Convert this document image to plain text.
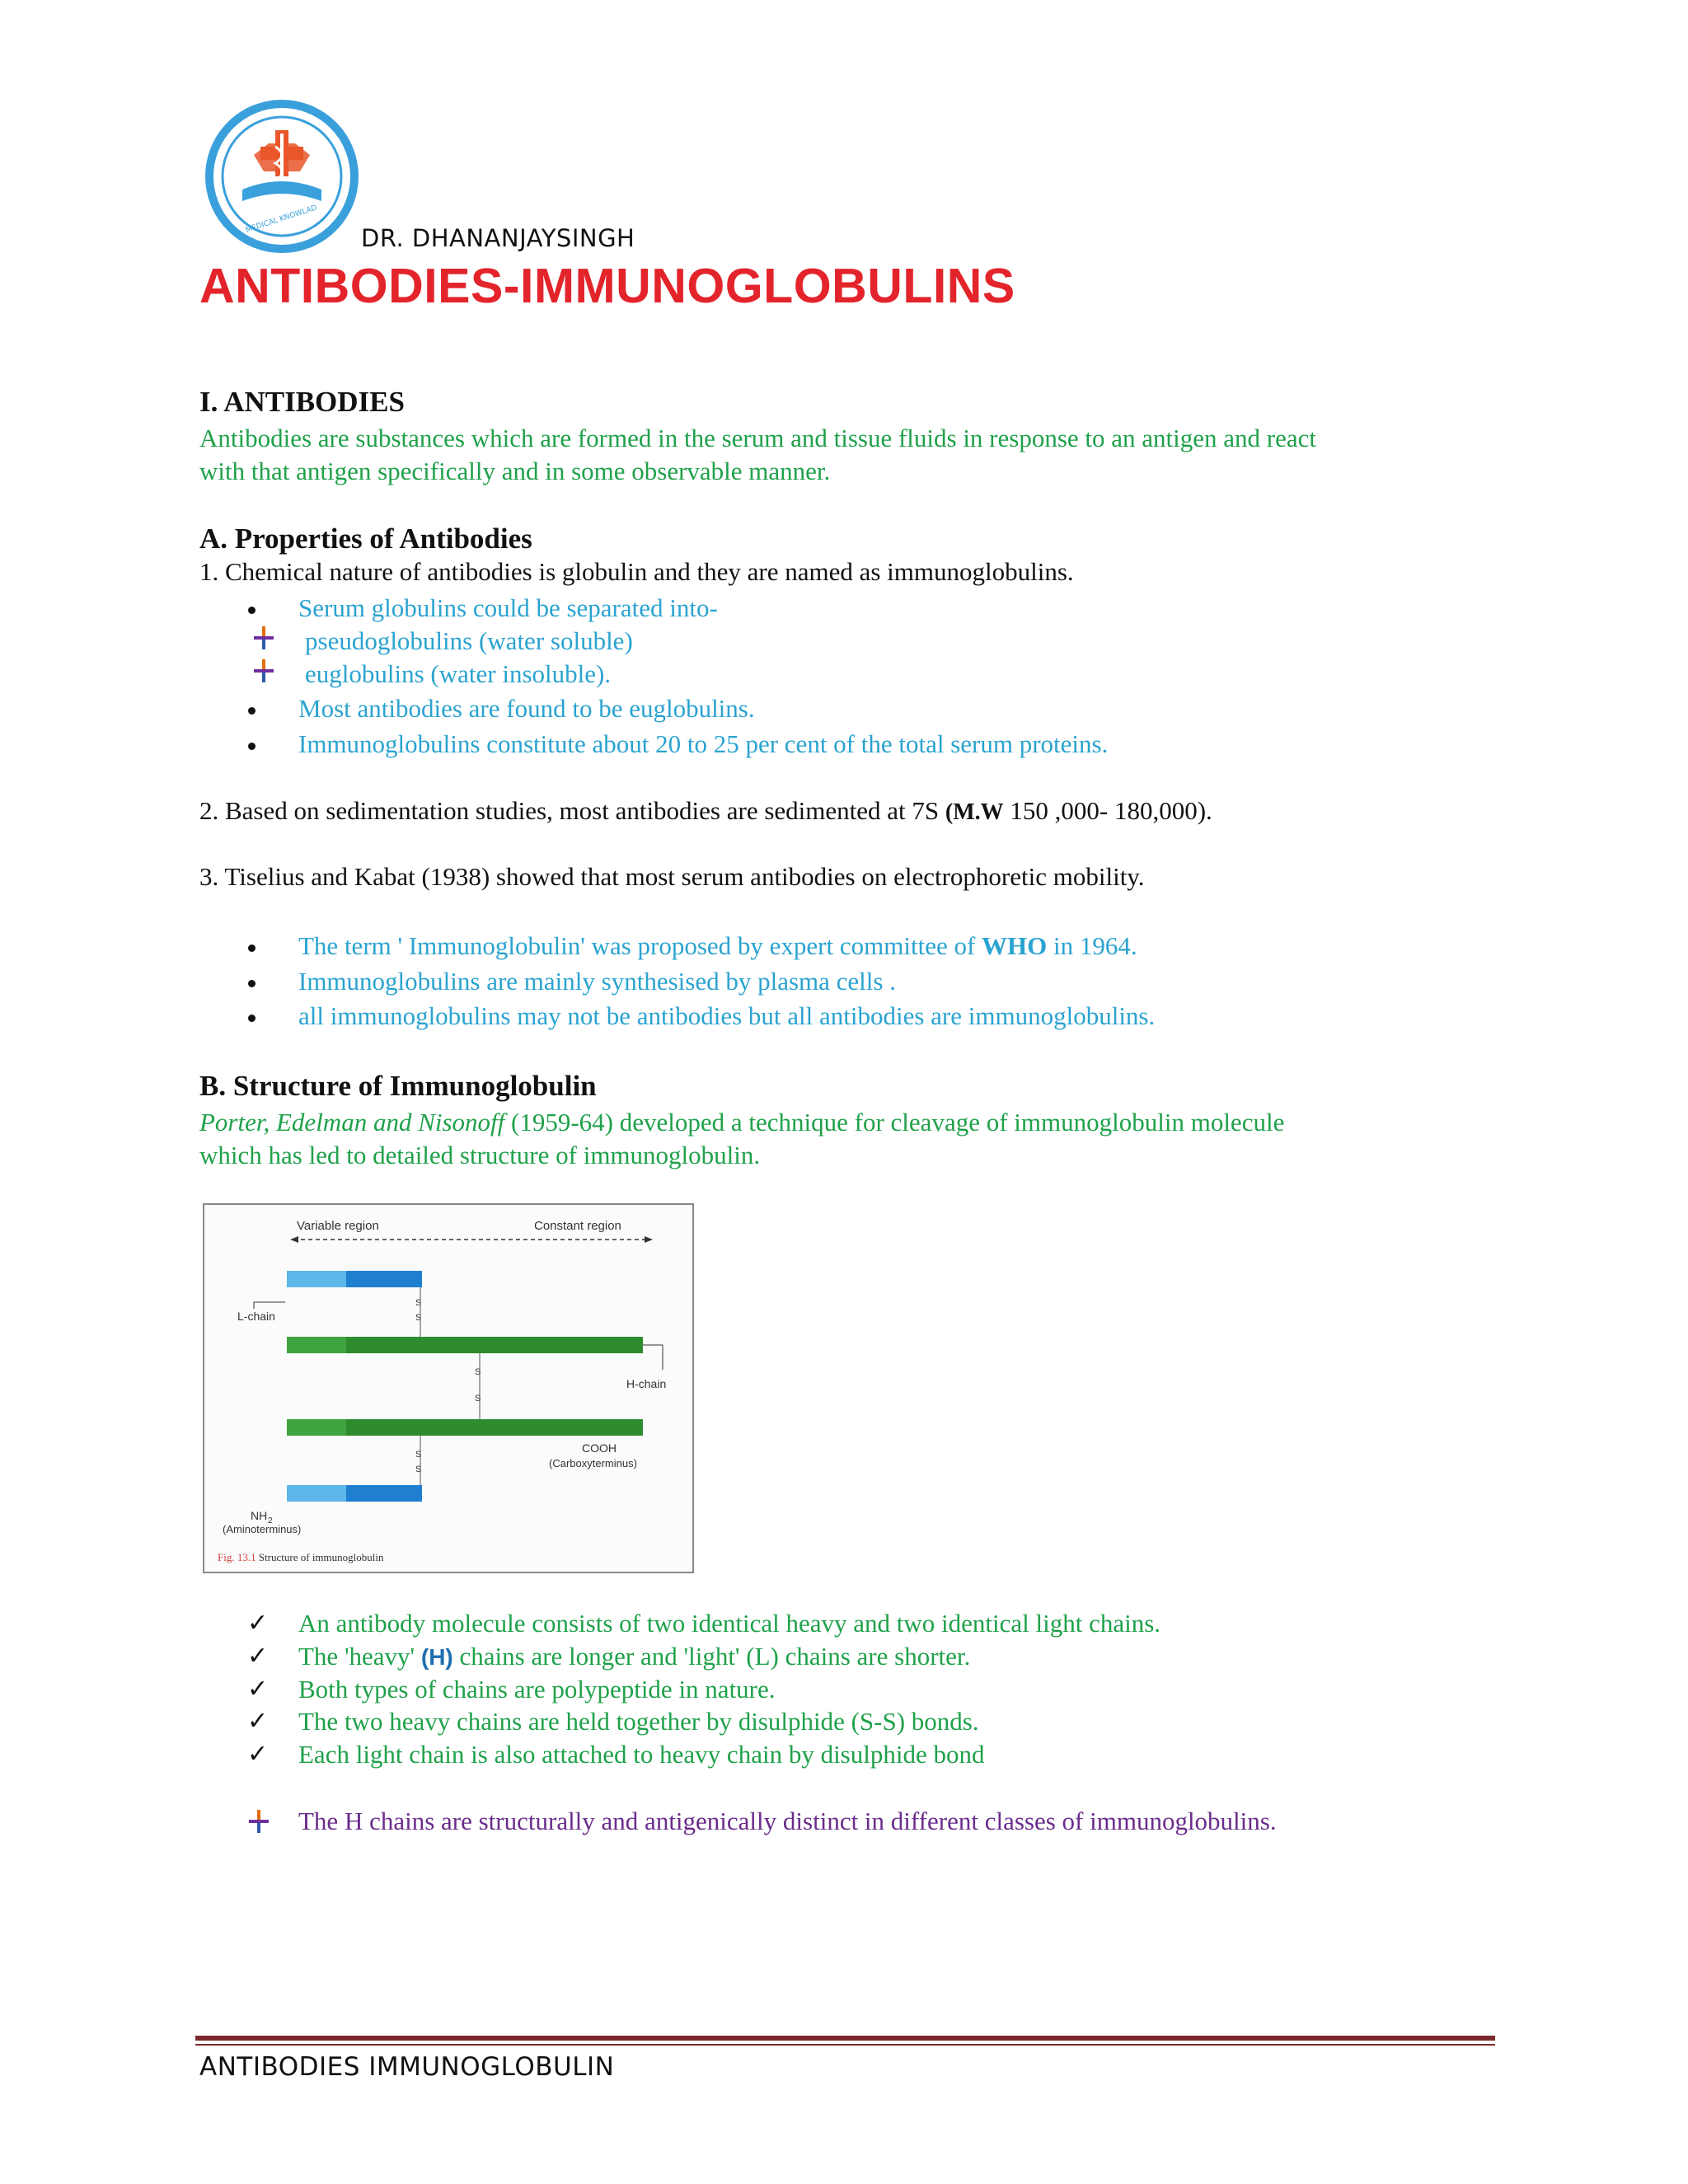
MEDICAL KNOWLAD
DR. DHANANJAYSINGH
ANTIBODIES-IMMUNOGLOBULINS
I. ANTIBODIES
Antibodies are substances which are formed in the serum and tissue fluids in response to an antigen and react
with that antigen specifically and in some observable manner.
A. Properties of Antibodies
1. Chemical nature of antibodies is globulin and they are named as immunoglobulins.
Serum globulins could be separated into-
pseudoglobulins (water soluble)
euglobulins (water insoluble).
Most antibodies are found to be euglobulins.
Immunoglobulins constitute about 20 to 25 per cent of the total serum proteins.
2. Based on sedimentation studies, most antibodies are sedimented at 7S (M.W 150 ,000- 180,000).
3. Tiselius and Kabat (1938) showed that most serum antibodies on electrophoretic mobility.
The term ' Immunoglobulin' was proposed by expert committee of WHO in 1964.
Immunoglobulins are mainly synthesised by plasma cells .
all immunoglobulins may not be antibodies but all antibodies are immunoglobulins.
B. Structure of Immunoglobulin
Porter, Edelman and Nisonoff (1959-64) developed a technique for cleavage of immunoglobulin molecule
which has led to detailed structure of immunoglobulin.
Variable region	Constant region
L-chain
S
S
H-chain
S
S
COOH
(Carboxyterminus)
S
S
NH 2
(Aminoterminus)
Fig. 13.1 Structure of immunoglobulin
✓ An antibody molecule consists of two identical heavy and two identical light chains.
✓ The 'heavy' (H) chains are longer and 'light' (L) chains are shorter.
✓ Both types of chains are polypeptide in nature.
✓ The two heavy chains are held together by disulphide (S-S) bonds.
✓ Each light chain is also attached to heavy chain by disulphide bond
The H chains are structurally and antigenically distinct in different classes of immunoglobulins.
ANTIBODIES IMMUNOGLOBULIN
